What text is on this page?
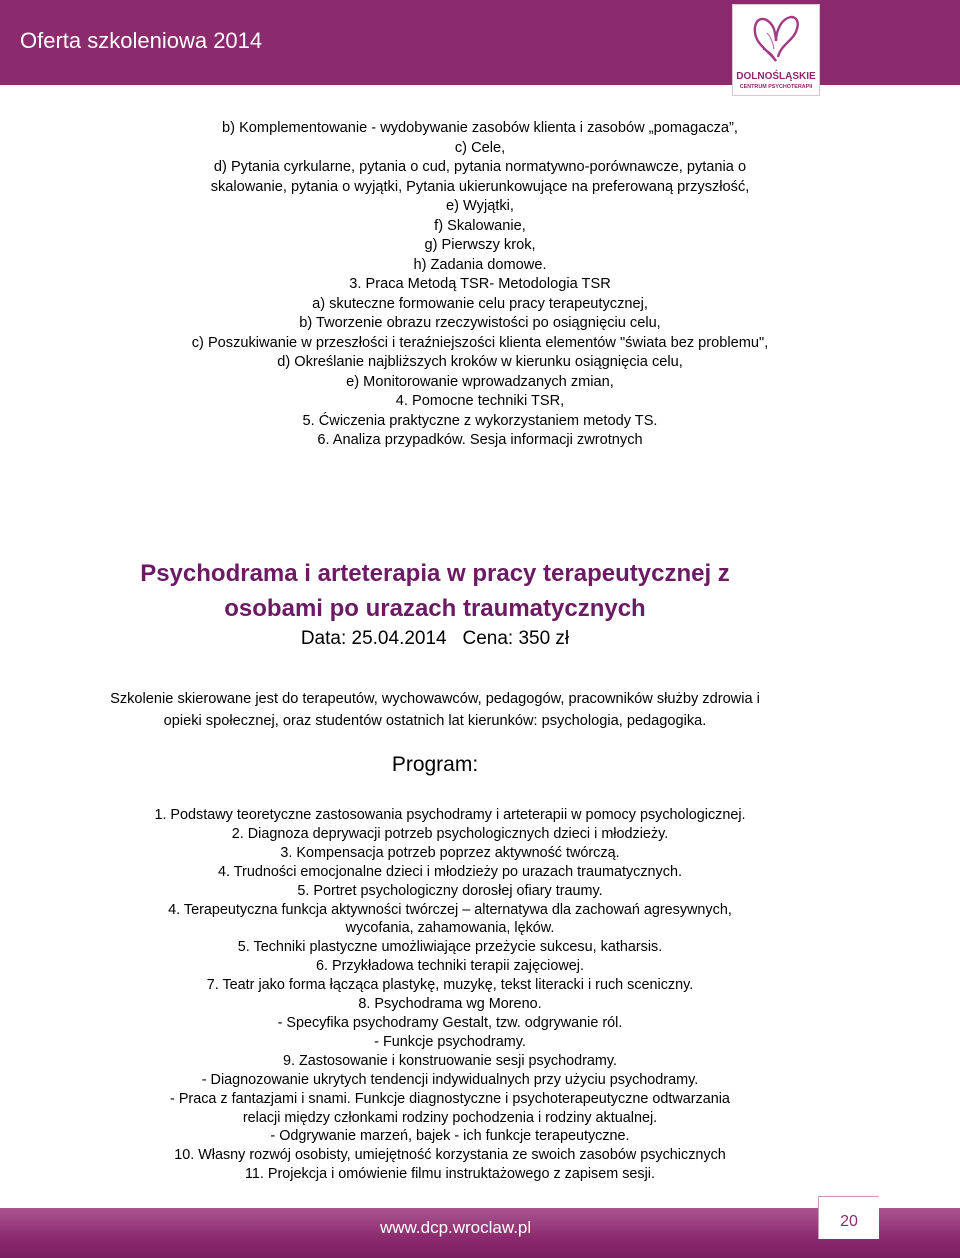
Oferta szkoleniowa 2014
DOLNOŚLĄSKIE
CENTRUM PSYCHOTERAPII
b) Komplementowanie - wydobywanie zasobów klienta i zasobów „pomagacza”,
c) Cele,
d) Pytania cyrkularne, pytania o cud, pytania normatywno-porównawcze, pytania o
skalowanie, pytania o wyjątki, Pytania ukierunkowujące na preferowaną przyszłość,
e) Wyjątki,
f) Skalowanie,
g) Pierwszy krok,
h) Zadania domowe.
3. Praca Metodą TSR- Metodologia TSR
a) skuteczne formowanie celu pracy terapeutycznej,
b) Tworzenie obrazu rzeczywistości po osiągnięciu celu,
c) Poszukiwanie w przeszłości i teraźniejszości klienta elementów "świata bez problemu",
d) Określanie najbliższych kroków w kierunku osiągnięcia celu,
e) Monitorowanie wprowadzanych zmian,
4. Pomocne techniki TSR,
5. Ćwiczenia praktyczne z wykorzystaniem metody TS.
6. Analiza przypadków. Sesja informacji zwrotnych
Psychodrama i arteterapia w pracy terapeutycznej z
osobami po urazach traumatycznych
Data: 25.04.2014 Cena: 350 zł
Szkolenie skierowane jest do terapeutów, wychowawców, pedagogów, pracowników służby zdrowia i
opieki społecznej, oraz studentów ostatnich lat kierunków: psychologia, pedagogika.
Program:
1. Podstawy teoretyczne zastosowania psychodramy i arteterapii w pomocy psychologicznej.
2. Diagnoza deprywacji potrzeb psychologicznych dzieci i młodzieży.
3. Kompensacja potrzeb poprzez aktywność twórczą.
4. Trudności emocjonalne dzieci i młodzieży po urazach traumatycznych.
5. Portret psychologiczny dorosłej ofiary traumy.
4. Terapeutyczna funkcja aktywności twórczej – alternatywa dla zachowań agresywnych,
wycofania, zahamowania, lęków.
5. Techniki plastyczne umożliwiające przeżycie sukcesu, katharsis.
6. Przykładowa techniki terapii zajęciowej.
7. Teatr jako forma łącząca plastykę, muzykę, tekst literacki i ruch sceniczny.
8. Psychodrama wg Moreno.
- Specyfika psychodramy Gestalt, tzw. odgrywanie ról.
- Funkcje psychodramy.
9. Zastosowanie i konstruowanie sesji psychodramy.
- Diagnozowanie ukrytych tendencji indywidualnych przy użyciu psychodramy.
- Praca z fantazjami i snami. Funkcje diagnostyczne i psychoterapeutyczne odtwarzania
relacji między członkami rodziny pochodzenia i rodziny aktualnej.
- Odgrywanie marzeń, bajek - ich funkcje terapeutyczne.
10. Własny rozwój osobisty, umiejętność korzystania ze swoich zasobów psychicznych
11. Projekcja i omówienie filmu instruktażowego z zapisem sesji.
www.dcp.wroclaw.pl	20
